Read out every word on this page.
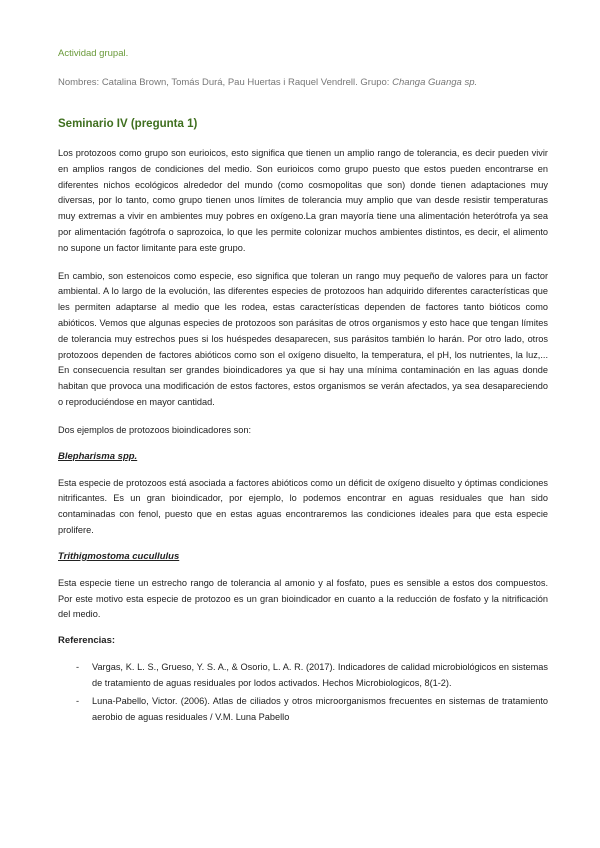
Actividad grupal.
Nombres: Catalina Brown, Tomás Durá, Pau Huertas i Raquel Vendrell. Grupo: Changa Guanga sp.
Seminario IV (pregunta 1)

Los protozoos como grupo son eurioicos, esto significa que tienen un amplio rango de tolerancia, es decir pueden vivir en amplios rangos de condiciones del medio. Son eurioicos como grupo puesto que estos pueden encontrarse en diferentes nichos ecológicos alrededor del mundo (como cosmopolitas que son) donde tienen adaptaciones muy diversas, por lo tanto, como grupo tienen unos límites de tolerancia muy amplio que van desde resistir temperaturas muy extremas a vivir en ambientes muy pobres en oxígeno.La gran mayoría tiene una alimentación heterótrofa ya sea por alimentación fagótrofa o saprozoica, lo que les permite colonizar muchos ambientes distintos, es decir, el alimento no supone un factor limitante para este grupo.

En cambio, son estenoicos como especie, eso significa que toleran un rango muy pequeño de valores para un factor ambiental. A lo largo de la evolución, las diferentes especies de protozoos han adquirido diferentes características que les permiten adaptarse al medio que les rodea, estas características dependen de factores tanto bióticos como abióticos. Vemos que algunas especies de protozoos son parásitas de otros organismos y esto hace que tengan límites de tolerancia muy estrechos pues si los huéspedes desaparecen, sus parásitos también lo harán. Por otro lado, otros protozoos dependen de factores abióticos como son el oxígeno disuelto, la temperatura, el pH, los nutrientes, la luz,... En consecuencia resultan ser grandes bioindicadores ya que si hay una mínima contaminación en las aguas donde habitan que provoca una modificación de estos factores, estos organismos se verán afectados, ya sea desapareciendo o reproduciéndose en mayor cantidad.

Dos ejemplos de protozoos bioindicadores son:

Blepharisma spp.

Esta especie de protozoos está asociada a factores abióticos como un déficit de oxígeno disuelto y óptimas condiciones nitrificantes. Es un gran bioindicador, por ejemplo, lo podemos encontrar en aguas residuales que han sido contaminadas con fenol, puesto que en estas aguas encontraremos las condiciones ideales para que esta especie prolifere.

Trithigmostoma cucullulus

Esta especie tiene un estrecho rango de tolerancia al amonio y al fosfato, pues es sensible a estos dos compuestos. Por este motivo esta especie de protozoo es un gran bioindicador en cuanto a la reducción de fosfato y la nitrificación del medio.

Referencias:
- Vargas, K. L. S., Grueso, Y. S. A., & Osorio, L. A. R. (2017). Indicadores de calidad microbiológicos en sistemas de tratamiento de aguas residuales por lodos activados. Hechos Microbiologicos, 8(1-2).
- Luna-Pabello, Victor. (2006). Atlas de ciliados y otros microorganismos frecuentes en sistemas de tratamiento aerobio de aguas residuales / V.M. Luna Pabello
